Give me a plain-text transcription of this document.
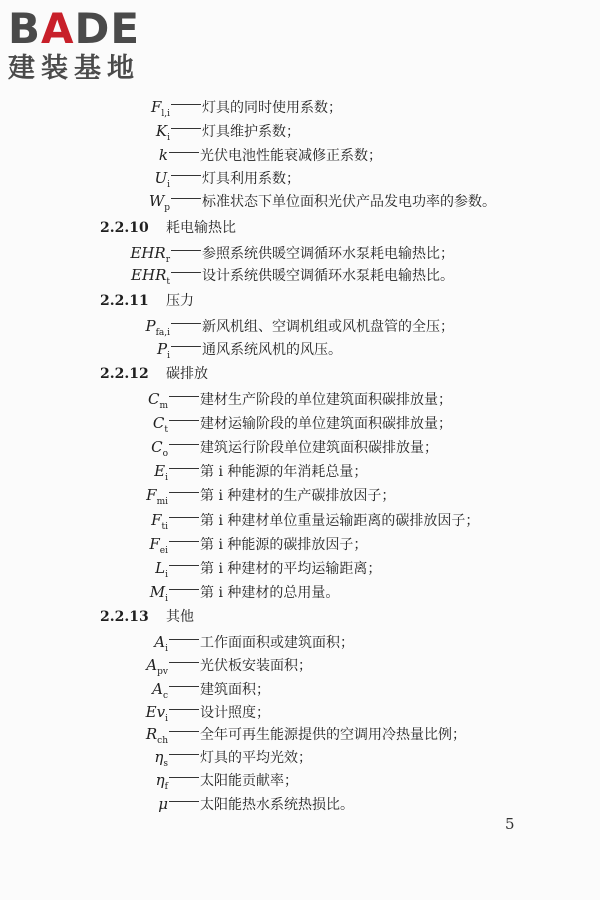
BADE
建装基地
$F_{l,i}$ 灯具的同时使用系数；
$K_i$ 灯具维护系数；
k 光伏电池性能衰减修正系数；
$U_i$ 灯具利用系数；
$W_p$ 标准状态下单位面积光伏产品发电功率的参数。
2.2.10 耗电输热比
$EHR_r$ 参照系统供暖空调循环水泵耗电输热比；
$EHR_t$ 设计系统供暖空调循环水泵耗电输热比。
2.2.11 压力
$P_{fa,i}$ 新风机组、空调机组或风机盘管的全压；
$P_i$ 通风系统风机的风压。
2.2.12 碳排放
$C_m$ 建材生产阶段的单位建筑面积碳排放量；
$C_t$ 建材运输阶段的单位建筑面积碳排放量；
$C_o$ 建筑运行阶段单位建筑面积碳排放量；
$E_i$ 第 i 种能源的年消耗总量；
$F_{mi}$ 第 i 种建材的生产碳排放因子；
$F_{ti}$ 第 i 种建材单位重量运输距离的碳排放因子；
$F_{ei}$ 第 i 种能源的碳排放因子；
$L_i$ 第 i 种建材的平均运输距离；
$M_i$ 第 i 种建材的总用量。
2.2.13 其他
$A_i$ 工作面面积或建筑面积；
$A_{pv}$ 光伏板安装面积；
$A_c$ 建筑面积；
$Ev_i$ 设计照度；
$R_{ch}$ 全年可再生能源提供的空调用冷热量比例；
$\eta_s$ 灯具的平均光效；
$\eta_f$ 太阳能贡献率；
μ 太阳能热水系统热损比。
5
